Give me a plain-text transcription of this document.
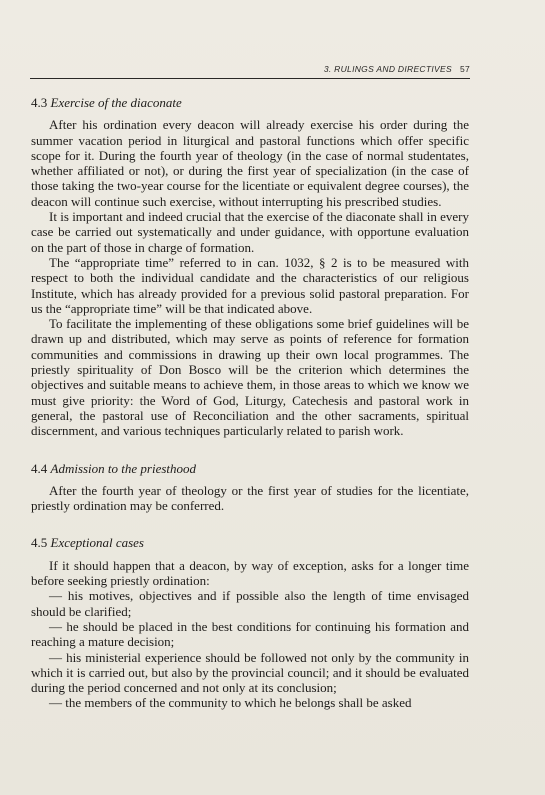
3. RULINGS AND DIRECTIVES 57

4.3 Exercise of the diaconate

After his ordination every deacon will already exercise his order during the summer vacation period in liturgical and pastoral functions which offer specific scope for it. During the fourth year of theology (in the case of normal studentates, whether affiliated or not), or during the first year of specialization (in the case of those taking the two-year course for the licentiate or equivalent degree courses), the deacon will continue such exercise, without interrupting his prescribed studies.

It is important and indeed crucial that the exercise of the diaconate shall in every case be carried out systematically and under guidance, with opportune evaluation on the part of those in charge of formation.

The “appropriate time” referred to in can. 1032, § 2 is to be measured with respect to both the individual candidate and the characteristics of our religious Institute, which has already provided for a previous solid pastoral preparation. For us the “appropriate time” will be that indicated above.

To facilitate the implementing of these obligations some brief guidelines will be drawn up and distributed, which may serve as points of reference for formation communities and commissions in drawing up their own local programmes. The priestly spirituality of Don Bosco will be the criterion which determines the objectives and suitable means to achieve them, in those areas to which we know we must give priority: the Word of God, Liturgy, Catechesis and pastoral work in general, the pastoral use of Reconciliation and the other sacraments, spiritual discernment, and various techniques particularly related to parish work.

4.4 Admission to the priesthood

After the fourth year of theology or the first year of studies for the licentiate, priestly ordination may be conferred.

4.5 Exceptional cases

If it should happen that a deacon, by way of exception, asks for a longer time before seeking priestly ordination:

— his motives, objectives and if possible also the length of time envisaged should be clarified;

— he should be placed in the best conditions for continuing his formation and reaching a mature decision;

— his ministerial experience should be followed not only by the community in which it is carried out, but also by the provincial council; and it should be evaluated during the period concerned and not only at its conclusion;

— the members of the community to which he belongs shall be asked
